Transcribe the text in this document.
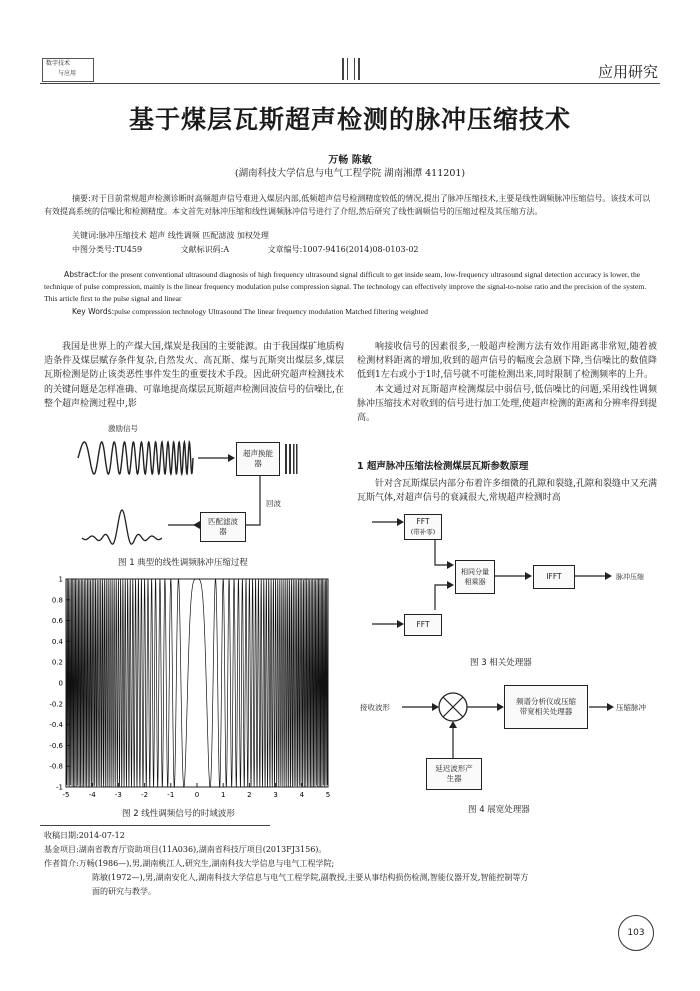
数字技术
与应用	应用研究
基于煤层瓦斯超声检测的脉冲压缩技术
万畅 陈敏
(湖南科技大学信息与电气工程学院 湖南湘潭 411201)
摘要:对于目前常规超声检测诊断时高频超声信号难进入煤层内部,低频超声信号检测精度较低的情况,提出了脉冲压缩技术,主要是线性调频脉冲压缩信号。该技术可以有效提高系统的信噪比和检测精度。本文首先对脉冲压缩和线性调频脉冲信号进行了介绍,然后研究了线性调频信号的压缩过程及其压缩方法。
关键词:脉冲压缩技术 超声 线性调频 匹配滤波 加权处理
中图分类号:TU459	文献标识码:A	文章编号:1007-9416(2014)08-0103-02
Abstract:for the present conventional ultrasound diagnosis of high frequency ultrasound signal difficult to get inside seam, low-frequency ultrasound signal detection accuracy is lower, the technique of pulse compression, mainly is the linear frequency modulation pulse compression signal. The technology can effectively improve the signal-to-noise ratio and the precision of the system. This article first to the pulse signal and linear
Key Words:pulse compression technology Ultrasound The linear frequency modulation Matched filtering weighted

我国是世界上的产煤大国,煤炭是我国的主要能源。由于我国煤矿地质构造条件及煤层赋存条件复杂,自然发火、高瓦斯、煤与瓦斯突出煤层多,煤层瓦斯检测是防止该类恶性事件发生的重要技术手段。因此研究超声检测技术的关键问题是怎样准确、可靠地提高煤层瓦斯超声检测回波信号的信噪比,在整个超声检测过程中,影

响接收信号的因素很多,一般超声检测方法有效作用距离非常短,随着被检测材料距离的增加,收到的超声信号的幅度会急剧下降,当信噪比的数值降低到1左右或小于1时,信号就不可能检测出来,同时限制了检测频率的上升。

本文通过对瓦斯超声检测煤层中弱信号,低信噪比的问题,采用线性调频脉冲压缩技术对收到的信号进行加工处理,使超声检测的距离和分辨率得到提高。

1 超声脉冲压缩法检测煤层瓦斯参数原理

针对含瓦斯煤层内部分布着许多细微的孔隙和裂缝,孔隙和裂缝中又充满瓦斯气体,对超声信号的衰减很大,常规超声检测时高

激励信号
超声换能器
回波
匹配滤波器
图 1 典型的线性调频脉冲压缩过程
-5	-4	-3	-2	-1	0	1	2	3	4	5
1
0.8
0.6
0.4
0.2
0
-0.2
-0.4
-0.6
-0.8
-1
图 2 线性调频信号的时域波形
FFT
(带补零)
相同分量相乘器
IFFT	脉冲压缩
FFT
图 3 相关处理器
接收波形
频谱分析仪或压缩带宽相关处理器	压缩脉冲
延迟波形产生器
图 4 展宽处理器
收稿日期:2014-07-12
基金项目:湖南省教育厅资助项目(11A036),湖南省科技厅项目(2013FJ3156)。
作者简介:万畅(1986—),男,湖南桃江人,研究生,湖南科技大学信息与电气工程学院;
陈敏(1972—),男,湖南安化人,湖南科技大学信息与电气工程学院,副教授,主要从事结构损伤检测,智能仪器开发,智能控制等方
面的研究与教学。
103
